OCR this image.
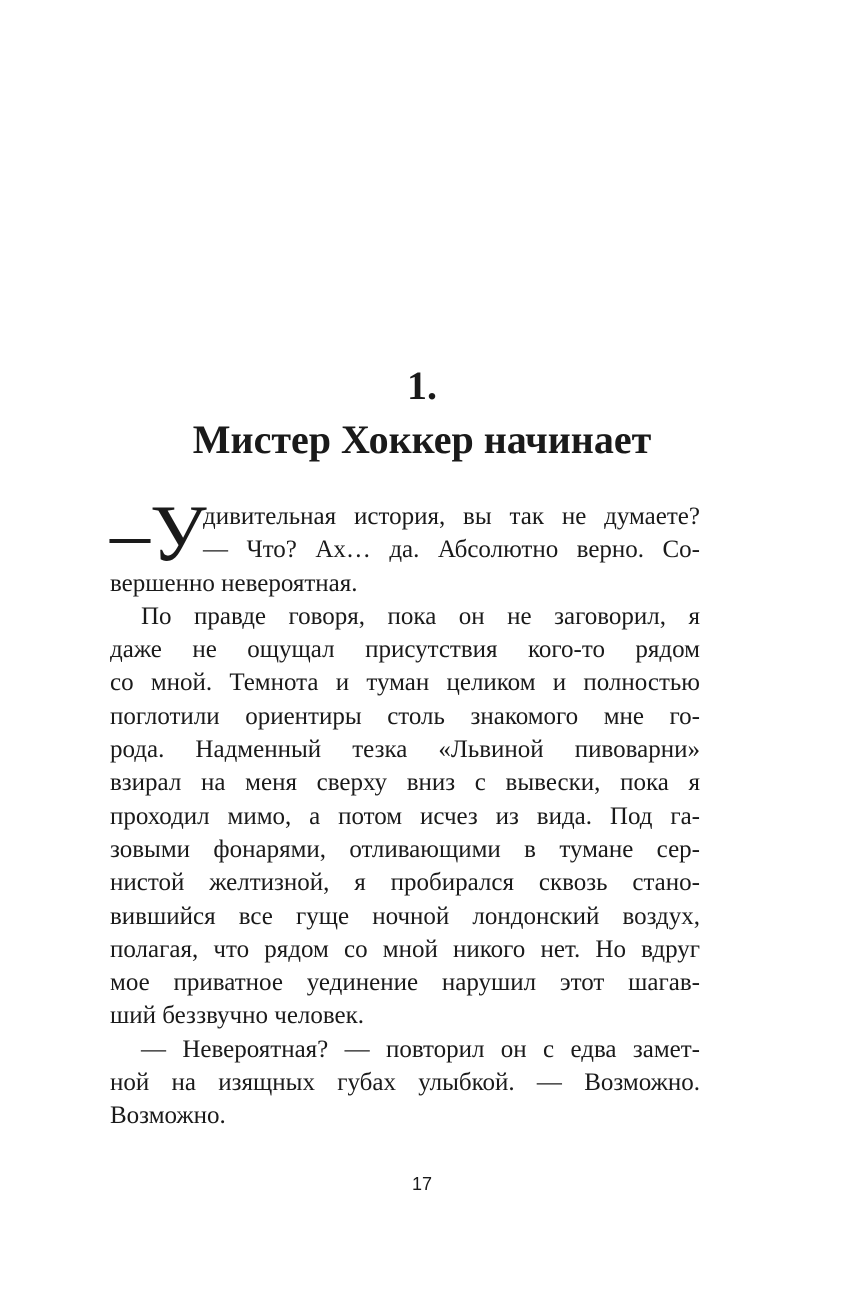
1.
Мистер Хоккер начинает
–У
дивительная история, вы так не думаете?
— Что? Ах… да. Абсолютно верно. Со-
вершенно невероятная.
По правде говоря, пока он не заговорил, я
даже не ощущал присутствия кого-то рядом
со мной. Темнота и туман целиком и полностью
поглотили ориентиры столь знакомого мне го-
рода. Надменный тезка «Львиной пивоварни»
взирал на меня сверху вниз с вывески, пока я
проходил мимо, а потом исчез из вида. Под га-
зовыми фонарями, отливающими в тумане сер-
нистой желтизной, я пробирался сквозь стано-
вившийся все гуще ночной лондонский воздух,
полагая, что рядом со мной никого нет. Но вдруг
мое приватное уединение нарушил этот шагав-
ший беззвучно человек.
— Невероятная? — повторил он с едва замет-
ной на изящных губах улыбкой. — Возможно.
Возможно.
17
